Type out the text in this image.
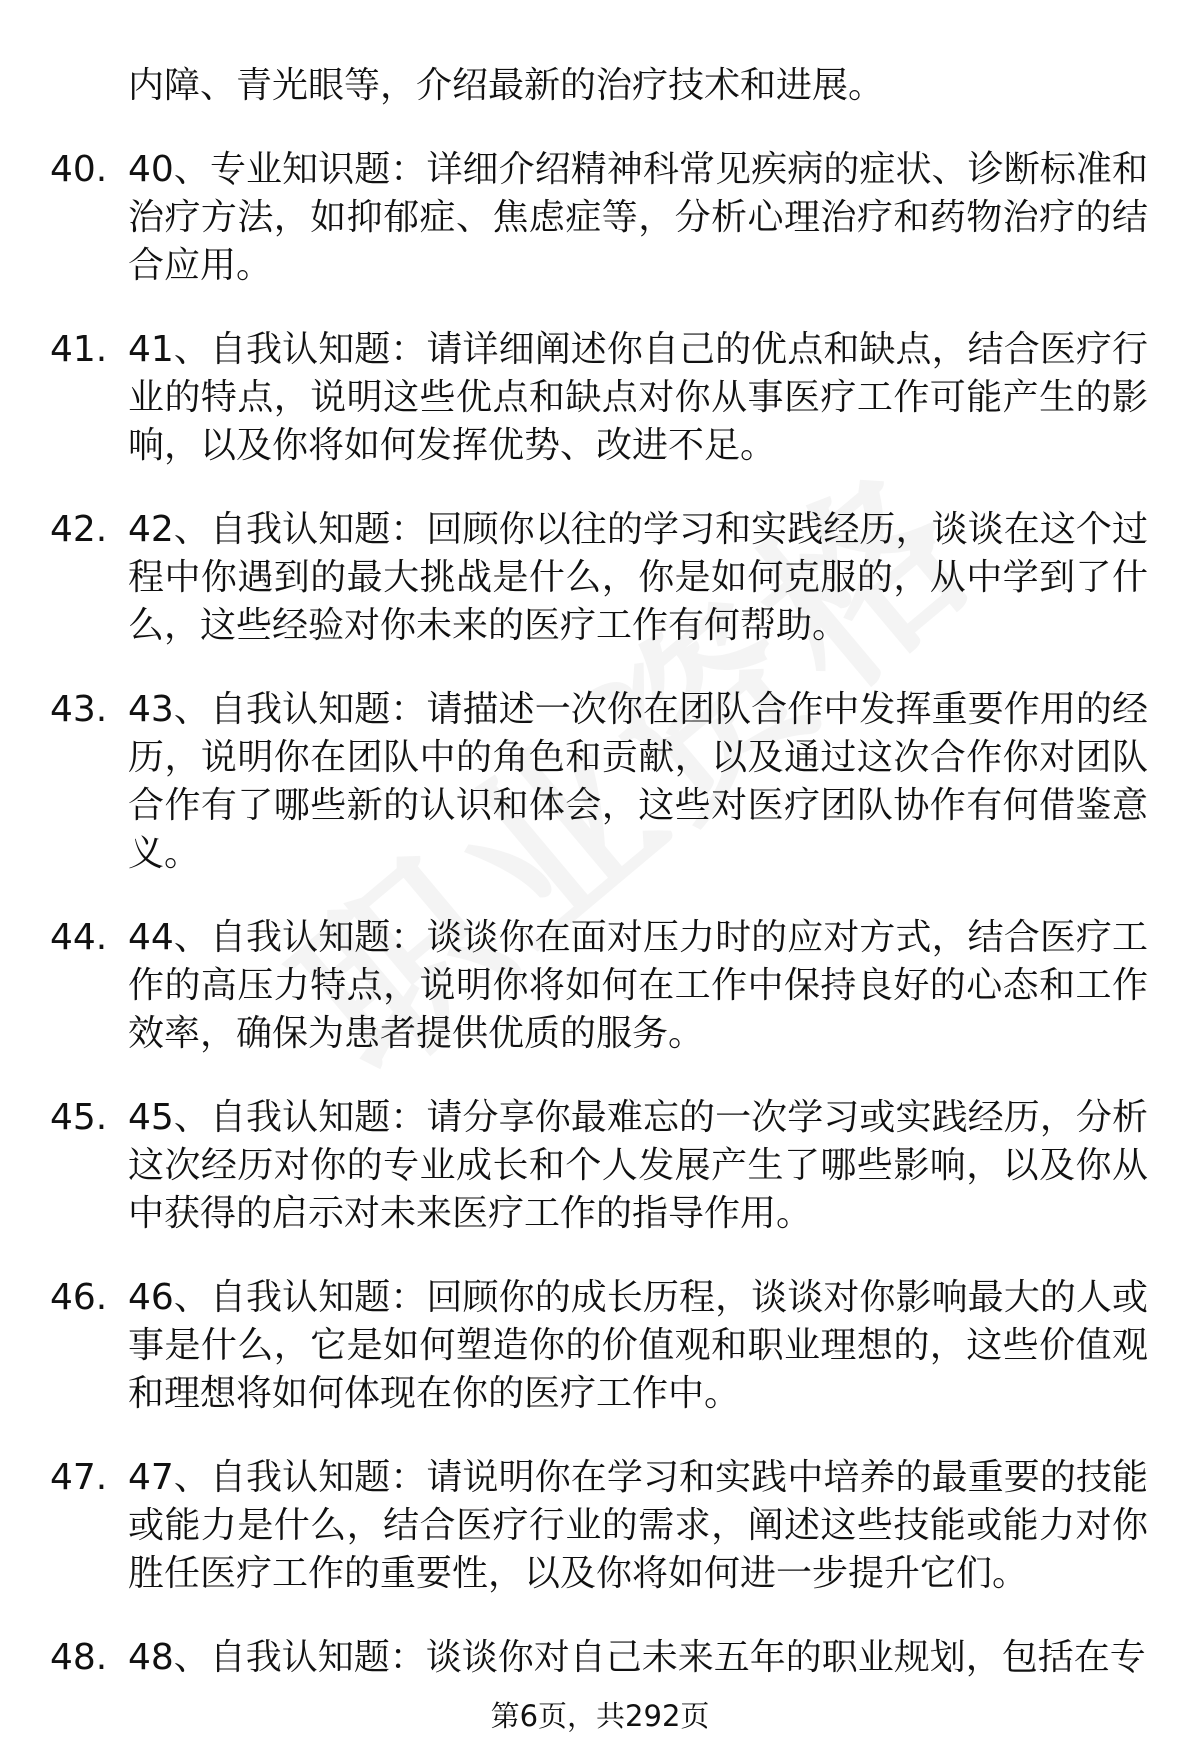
内障、青光眼等，介绍最新的治疗技术和进展。
40. 40、专业知识题：详细介绍精神科常见疾病的症状、诊断标准和治疗方法，如抑郁症、焦虑症等，分析心理治疗和药物治疗的结合应用。
41. 41、自我认知题：请详细阐述你自己的优点和缺点，结合医疗行业的特点，说明这些优点和缺点对你从事医疗工作可能产生的影响，以及你将如何发挥优势、改进不足。
42. 42、自我认知题：回顾你以往的学习和实践经历，谈谈在这个过程中你遇到的最大挑战是什么，你是如何克服的，从中学到了什么，这些经验对你未来的医疗工作有何帮助。
43. 43、自我认知题：请描述一次你在团队合作中发挥重要作用的经历，说明你在团队中的角色和贡献，以及通过这次合作你对团队合作有了哪些新的认识和体会，这些对医疗团队协作有何借鉴意义。
44. 44、自我认知题：谈谈你在面对压力时的应对方式，结合医疗工作的高压力特点，说明你将如何在工作中保持良好的心态和工作效率，确保为患者提供优质的服务。
45. 45、自我认知题：请分享你最难忘的一次学习或实践经历，分析这次经历对你的专业成长和个人发展产生了哪些影响，以及你从中获得的启示对未来医疗工作的指导作用。
46. 46、自我认知题：回顾你的成长历程，谈谈对你影响最大的人或事是什么，它是如何塑造你的价值观和职业理想的，这些价值观和理想将如何体现在你的医疗工作中。
47. 47、自我认知题：请说明你在学习和实践中培养的最重要的技能或能力是什么，结合医疗行业的需求，阐述这些技能或能力对你胜任医疗工作的重要性，以及你将如何进一步提升它们。
48. 48、自我认知题：谈谈你对自己未来五年的职业规划，包括在专
第6页，共292页
